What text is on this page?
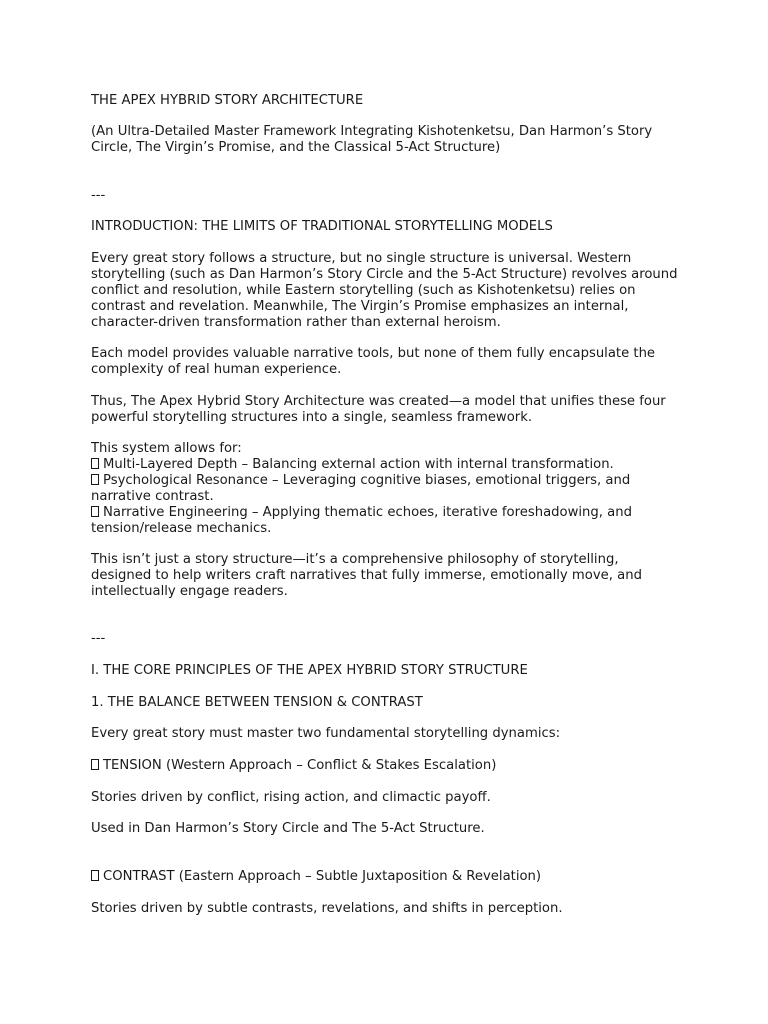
THE APEX HYBRID STORY ARCHITECTURE

(An Ultra-Detailed Master Framework Integrating Kishotenketsu, Dan Harmon’s Story
Circle, The Virgin’s Promise, and the Classical 5-Act Structure)

---

INTRODUCTION: THE LIMITS OF TRADITIONAL STORYTELLING MODELS

Every great story follows a structure, but no single structure is universal. Western
storytelling (such as Dan Harmon’s Story Circle and the 5-Act Structure) revolves around
conflict and resolution, while Eastern storytelling (such as Kishotenketsu) relies on
contrast and revelation. Meanwhile, The Virgin’s Promise emphasizes an internal,
character-driven transformation rather than external heroism.

Each model provides valuable narrative tools, but none of them fully encapsulate the
complexity of real human experience.

Thus, The Apex Hybrid Story Architecture was created—a model that unifies these four
powerful storytelling structures into a single, seamless framework.

This system allows for:
Multi-Layered Depth – Balancing external action with internal transformation.
Psychological Resonance – Leveraging cognitive biases, emotional triggers, and
narrative contrast.
Narrative Engineering – Applying thematic echoes, iterative foreshadowing, and
tension/release mechanics.

This isn’t just a story structure—it’s a comprehensive philosophy of storytelling,
designed to help writers craft narratives that fully immerse, emotionally move, and
intellectually engage readers.

---

I. THE CORE PRINCIPLES OF THE APEX HYBRID STORY STRUCTURE

1. THE BALANCE BETWEEN TENSION & CONTRAST

Every great story must master two fundamental storytelling dynamics:

TENSION (Western Approach – Conflict & Stakes Escalation)

Stories driven by conflict, rising action, and climactic payoff.

Used in Dan Harmon’s Story Circle and The 5-Act Structure.

CONTRAST (Eastern Approach – Subtle Juxtaposition & Revelation)

Stories driven by subtle contrasts, revelations, and shifts in perception.
